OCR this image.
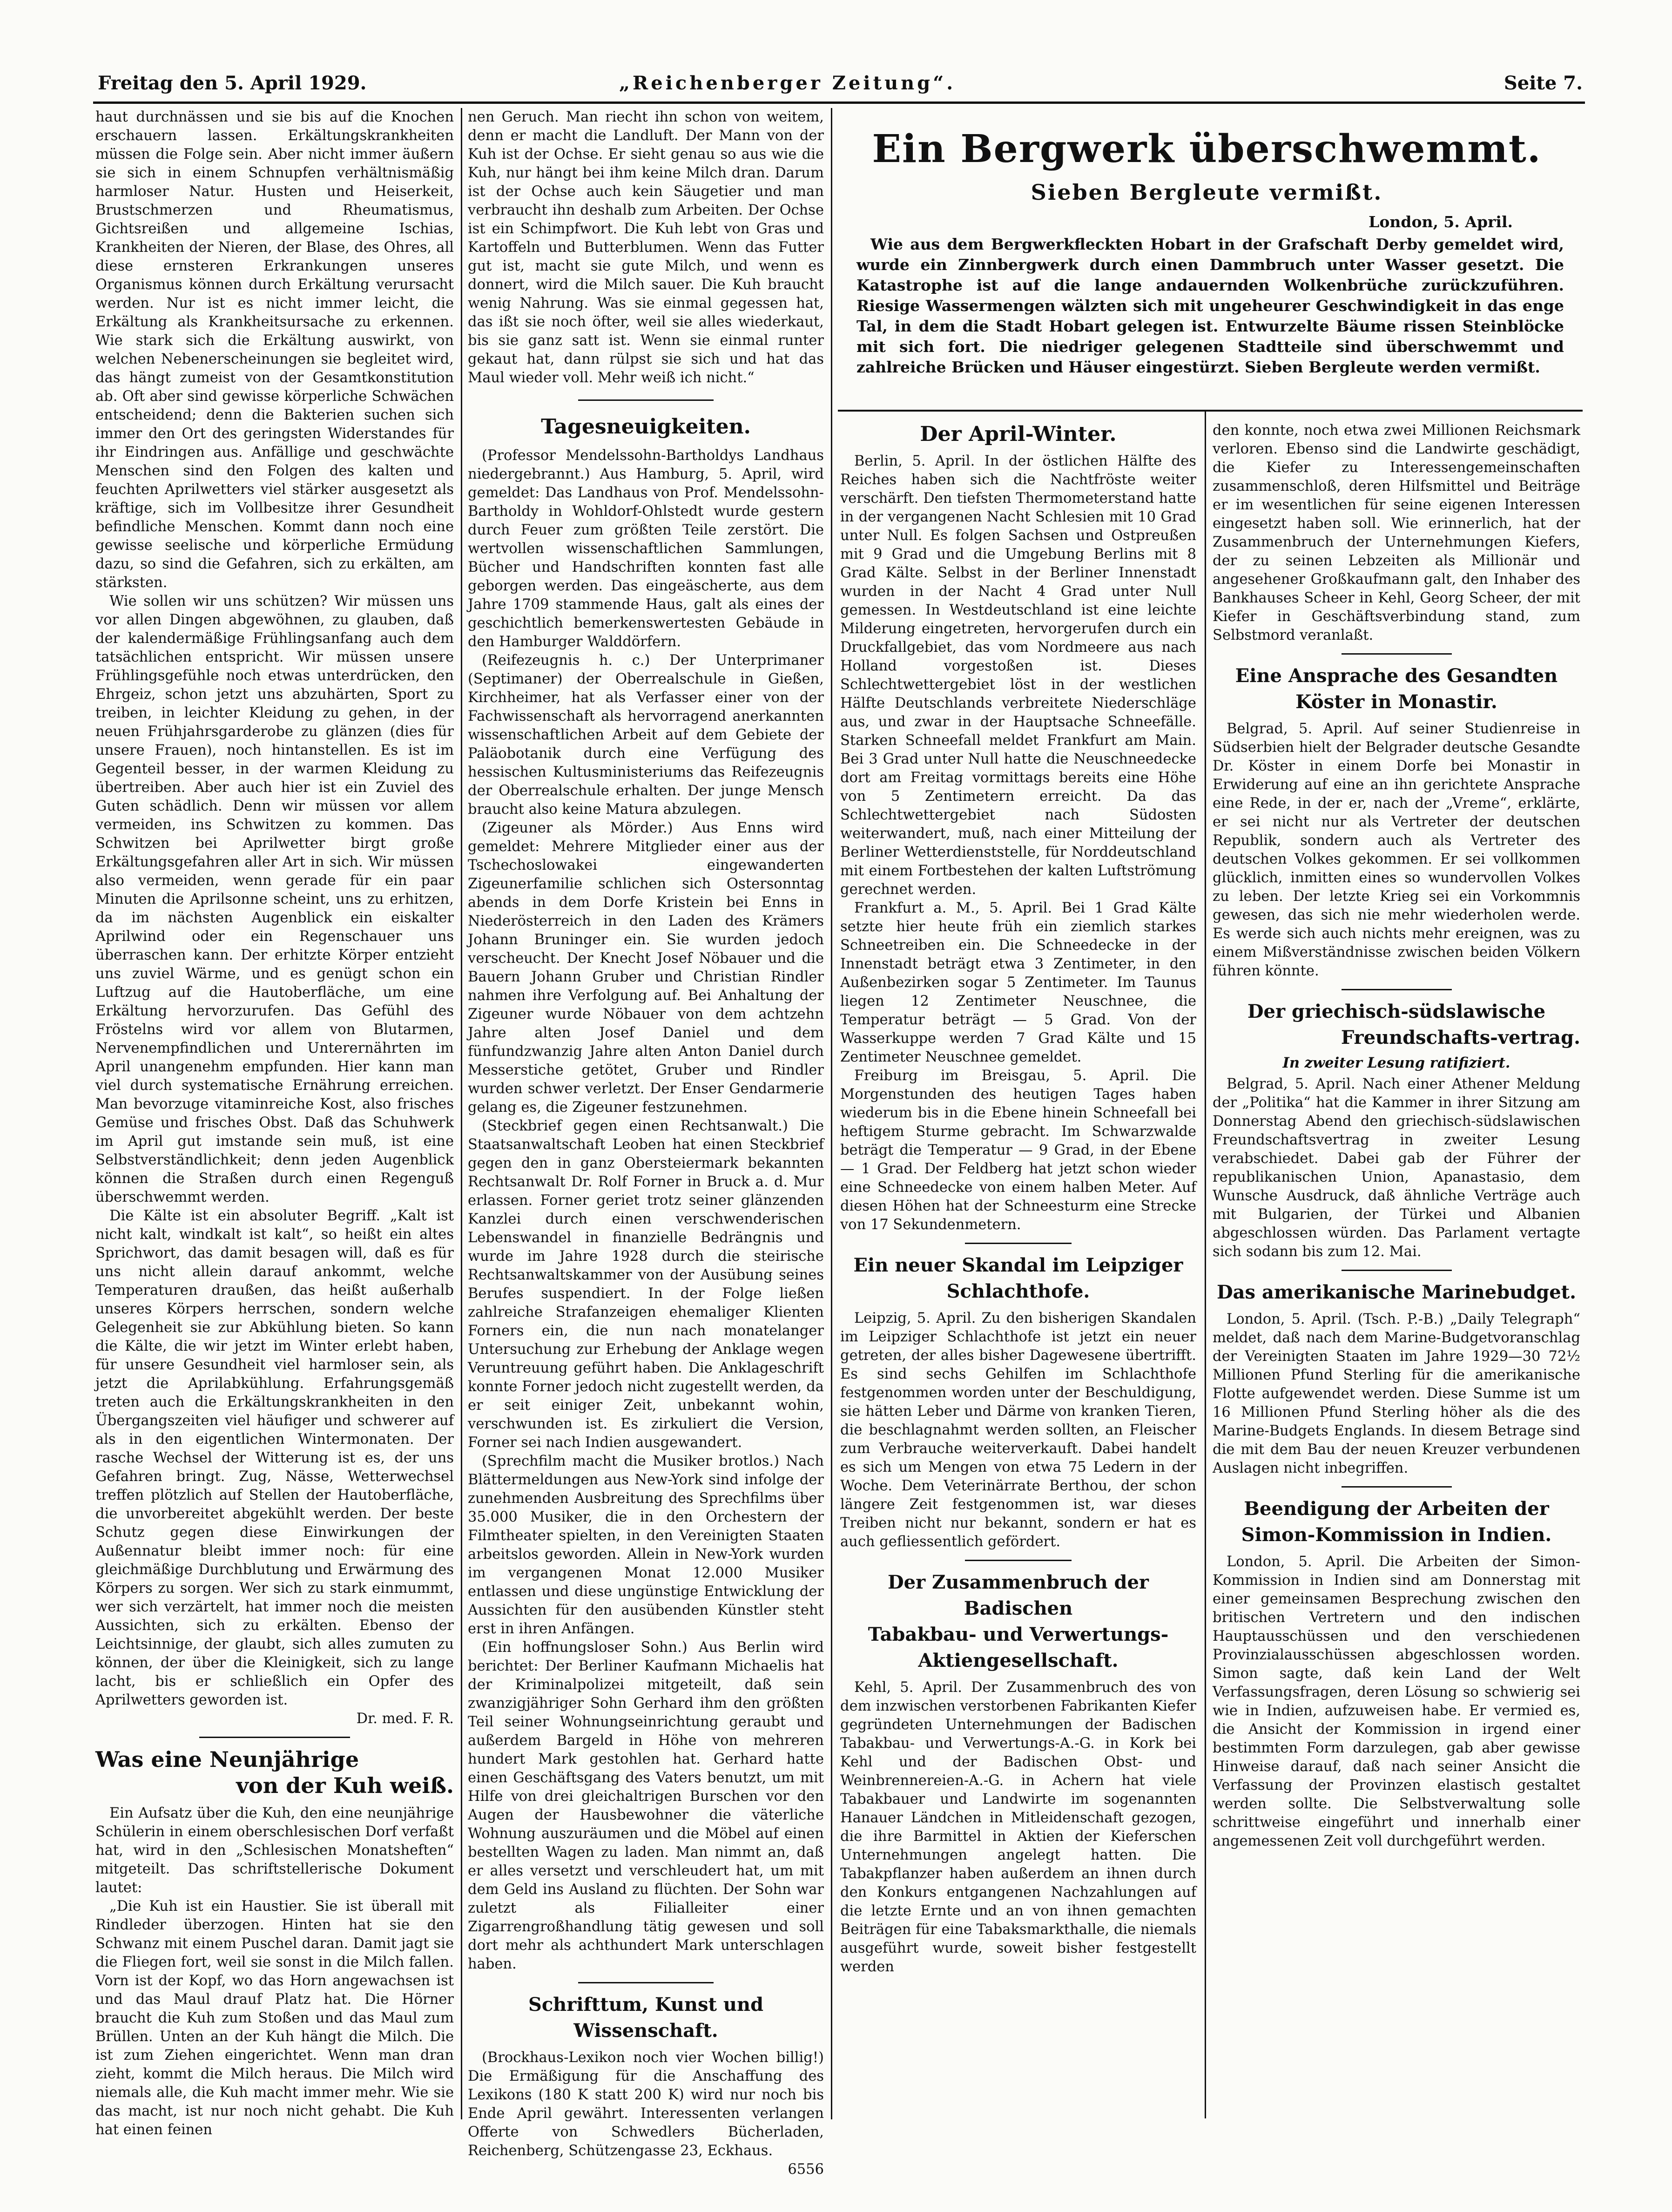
Freitag den 5. April 1929.	„Reichenberger Zeitung“.	Seite 7.

haut durchnässen und sie bis auf die Knochen erschauern lassen. Erkältungskrankheiten müssen die Folge sein. Aber nicht immer äußern sie sich in einem Schnupfen verhältnismäßig harmloser Natur. Husten und Heiserkeit, Brustschmerzen und Rheumatismus, Gichtsreißen und allgemeine Ischias, Krankheiten der Nieren, der Blase, des Ohres, all diese ernsteren Erkrankungen unseres Organismus können durch Erkältung verursacht werden. Nur ist es nicht immer leicht, die Erkältung als Krankheitsursache zu erkennen. Wie stark sich die Erkältung auswirkt, von welchen Nebenerscheinungen sie begleitet wird, das hängt zumeist von der Gesamtkonstitution ab. Oft aber sind gewisse körperliche Schwächen entscheidend; denn die Bakterien suchen sich immer den Ort des geringsten Widerstandes für ihr Eindringen aus. Anfällige und geschwächte Menschen sind den Folgen des kalten und feuchten Aprilwetters viel stärker ausgesetzt als kräftige, sich im Vollbesitze ihrer Gesundheit befindliche Menschen. Kommt dann noch eine gewisse seelische und körperliche Ermüdung dazu, so sind die Gefahren, sich zu erkälten, am stärksten.

Wie sollen wir uns schützen? Wir müssen uns vor allen Dingen abgewöhnen, zu glauben, daß der kalendermäßige Frühlingsanfang auch dem tatsächlichen entspricht. Wir müssen unsere Frühlingsgefühle noch etwas unterdrücken, den Ehrgeiz, schon jetzt uns abzuhärten, Sport zu treiben, in leichter Kleidung zu gehen, in der neuen Frühjahrsgarderobe zu glänzen (dies für unsere Frauen), noch hintanstellen. Es ist im Gegenteil besser, in der warmen Kleidung zu übertreiben. Aber auch hier ist ein Zuviel des Guten schädlich. Denn wir müssen vor allem vermeiden, ins Schwitzen zu kommen. Das Schwitzen bei Aprilwetter birgt große Erkältungsgefahren aller Art in sich. Wir müssen also vermeiden, wenn gerade für ein paar Minuten die Aprilsonne scheint, uns zu erhitzen, da im nächsten Augenblick ein eiskalter Aprilwind oder ein Regenschauer uns überraschen kann. Der erhitzte Körper entzieht uns zuviel Wärme, und es genügt schon ein Luftzug auf die Hautoberfläche, um eine Erkältung hervorzurufen. Das Gefühl des Fröstelns wird vor allem von Blutarmen, Nervenempfindlichen und Unterernährten im April unangenehm empfunden. Hier kann man viel durch systematische Ernährung erreichen. Man bevorzuge vitaminreiche Kost, also frisches Gemüse und frisches Obst. Daß das Schuhwerk im April gut imstande sein muß, ist eine Selbstverständlichkeit; denn jeden Augenblick können die Straßen durch einen Regenguß überschwemmt werden.

Die Kälte ist ein absoluter Begriff. „Kalt ist nicht kalt, windkalt ist kalt“, so heißt ein altes Sprichwort, das damit besagen will, daß es für uns nicht allein darauf ankommt, welche Temperaturen draußen, das heißt außerhalb unseres Körpers herrschen, sondern welche Gelegenheit sie zur Abkühlung bieten. So kann die Kälte, die wir jetzt im Winter erlebt haben, für unsere Gesundheit viel harmloser sein, als jetzt die Aprilabkühlung. Erfahrungsgemäß treten auch die Erkältungskrankheiten in den Übergangszeiten viel häufiger und schwerer auf als in den eigentlichen Wintermonaten. Der rasche Wechsel der Witterung ist es, der uns Gefahren bringt. Zug, Nässe, Wetterwechsel treffen plötzlich auf Stellen der Hautoberfläche, die unvorbereitet abgekühlt werden. Der beste Schutz gegen diese Einwirkungen der Außennatur bleibt immer noch: für eine gleichmäßige Durchblutung und Erwärmung des Körpers zu sorgen. Wer sich zu stark einmummt, wer sich verzärtelt, hat immer noch die meisten Aussichten, sich zu erkälten. Ebenso der Leichtsinnige, der glaubt, sich alles zumuten zu können, der über die Kleinigkeit, sich zu lange lacht, bis er schließlich ein Opfer des Aprilwetters geworden ist.

Dr. med. F. R.

Was eine Neunjährige
von der Kuh weiß.

Ein Aufsatz über die Kuh, den eine neunjährige Schülerin in einem oberschlesischen Dorf verfaßt hat, wird in den „Schlesischen Monatsheften“ mitgeteilt. Das schriftstellerische Dokument lautet:

„Die Kuh ist ein Haustier. Sie ist überall mit Rindleder überzogen. Hinten hat sie den Schwanz mit einem Puschel daran. Damit jagt sie die Fliegen fort, weil sie sonst in die Milch fallen. Vorn ist der Kopf, wo das Horn angewachsen ist und das Maul drauf Platz hat. Die Hörner braucht die Kuh zum Stoßen und das Maul zum Brüllen. Unten an der Kuh hängt die Milch. Die ist zum Ziehen eingerichtet. Wenn man dran zieht, kommt die Milch heraus. Die Milch wird niemals alle, die Kuh macht immer mehr. Wie sie das macht, ist nur noch nicht gehabt. Die Kuh hat einen feinen

nen Geruch. Man riecht ihn schon von weitem, denn er macht die Landluft. Der Mann von der Kuh ist der Ochse. Er sieht genau so aus wie die Kuh, nur hängt bei ihm keine Milch dran. Darum ist der Ochse auch kein Säugetier und man verbraucht ihn deshalb zum Arbeiten. Der Ochse ist ein Schimpfwort. Die Kuh lebt von Gras und Kartoffeln und Butterblumen. Wenn das Futter gut ist, macht sie gute Milch, und wenn es donnert, wird die Milch sauer. Die Kuh braucht wenig Nahrung. Was sie einmal gegessen hat, das ißt sie noch öfter, weil sie alles wiederkaut, bis sie ganz satt ist. Wenn sie einmal runter gekaut hat, dann rülpst sie sich und hat das Maul wieder voll. Mehr weiß ich nicht.“

Tagesneuigkeiten.

(Professor Mendelssohn-Bartholdys Landhaus niedergebrannt.) Aus Hamburg, 5. April, wird gemeldet: Das Landhaus von Prof. Mendelssohn-Bartholdy in Wohldorf-Ohlstedt wurde gestern durch Feuer zum größten Teile zerstört. Die wertvollen wissenschaftlichen Sammlungen, Bücher und Handschriften konnten fast alle geborgen werden. Das eingeäscherte, aus dem Jahre 1709 stammende Haus, galt als eines der geschichtlich bemerkenswertesten Gebäude in den Hamburger Walddörfern.

(Reifezeugnis h. c.) Der Unterprimaner (Septimaner) der Oberrealschule in Gießen, Kirchheimer, hat als Verfasser einer von der Fachwissenschaft als hervorragend anerkannten wissenschaftlichen Arbeit auf dem Gebiete der Paläobotanik durch eine Verfügung des hessischen Kultusministeriums das Reifezeugnis der Oberrealschule erhalten. Der junge Mensch braucht also keine Matura abzulegen.

(Zigeuner als Mörder.) Aus Enns wird gemeldet: Mehrere Mitglieder einer aus der Tschechoslowakei eingewanderten Zigeunerfamilie schlichen sich Ostersonntag abends in dem Dorfe Kristein bei Enns in Niederösterreich in den Laden des Krämers Johann Bruninger ein. Sie wurden jedoch verscheucht. Der Knecht Josef Nöbauer und die Bauern Johann Gruber und Christian Rindler nahmen ihre Verfolgung auf. Bei Anhaltung der Zigeuner wurde Nöbauer von dem achtzehn Jahre alten Josef Daniel und dem fünfundzwanzig Jahre alten Anton Daniel durch Messerstiche getötet, Gruber und Rindler wurden schwer verletzt. Der Enser Gendarmerie gelang es, die Zigeuner festzunehmen.

(Steckbrief gegen einen Rechtsanwalt.) Die Staatsanwaltschaft Leoben hat einen Steckbrief gegen den in ganz Obersteiermark bekannten Rechtsanwalt Dr. Rolf Forner in Bruck a. d. Mur erlassen. Forner geriet trotz seiner glänzenden Kanzlei durch einen verschwenderischen Lebenswandel in finanzielle Bedrängnis und wurde im Jahre 1928 durch die steirische Rechtsanwaltskammer von der Ausübung seines Berufes suspendiert. In der Folge ließen zahlreiche Strafanzeigen ehemaliger Klienten Forners ein, die nun nach monatelanger Untersuchung zur Erhebung der Anklage wegen Veruntreuung geführt haben. Die Anklageschrift konnte Forner jedoch nicht zugestellt werden, da er seit einiger Zeit, unbekannt wohin, verschwunden ist. Es zirkuliert die Version, Forner sei nach Indien ausgewandert.

(Sprechfilm macht die Musiker brotlos.) Nach Blättermeldungen aus New-York sind infolge der zunehmenden Ausbreitung des Sprechfilms über 35.000 Musiker, die in den Orchestern der Filmtheater spielten, in den Vereinigten Staaten arbeitslos geworden. Allein in New-York wurden im vergangenen Monat 12.000 Musiker entlassen und diese ungünstige Entwicklung der Aussichten für den ausübenden Künstler steht erst in ihren Anfängen.

(Ein hoffnungsloser Sohn.) Aus Berlin wird berichtet: Der Berliner Kaufmann Michaelis hat der Kriminalpolizei mitgeteilt, daß sein zwanzigjähriger Sohn Gerhard ihm den größten Teil seiner Wohnungseinrichtung geraubt und außerdem Bargeld in Höhe von mehreren hundert Mark gestohlen hat. Gerhard hatte einen Geschäftsgang des Vaters benutzt, um mit Hilfe von drei gleichaltrigen Burschen vor den Augen der Hausbewohner die väterliche Wohnung auszuräumen und die Möbel auf einen bestellten Wagen zu laden. Man nimmt an, daß er alles versetzt und verschleudert hat, um mit dem Geld ins Ausland zu flüchten. Der Sohn war zuletzt als Filialleiter einer Zigarrengroßhandlung tätig gewesen und soll dort mehr als achthundert Mark unterschlagen haben.

Schrifttum, Kunst und Wissenschaft.

(Brockhaus-Lexikon noch vier Wochen billig!) Die Ermäßigung für die Anschaffung des Lexikons (180 K statt 200 K) wird nur noch bis Ende April gewährt. Interessenten verlangen Offerte von Schwedlers Bücherladen, Reichenberg, Schützengasse 23, Eckhaus.

6556

Ein Bergwerk überschwemmt.
Sieben Bergleute vermißt.
London, 5. April.

Wie aus dem Bergwerkfleckten Hobart in der Grafschaft Derby gemeldet wird, wurde ein Zinnbergwerk durch einen Dammbruch unter Wasser gesetzt. Die Katastrophe ist auf die lange andauernden Wolkenbrüche zurückzuführen. Riesige Wassermengen wälzten sich mit ungeheurer Geschwindigkeit in das enge Tal, in dem die Stadt Hobart gelegen ist. Entwurzelte Bäume rissen Steinblöcke mit sich fort. Die niedriger gelegenen Stadtteile sind überschwemmt und zahlreiche Brücken und Häuser eingestürzt. Sieben Bergleute werden vermißt.

Der April-Winter.

Berlin, 5. April. In der östlichen Hälfte des Reiches haben sich die Nachtfröste weiter verschärft. Den tiefsten Thermometerstand hatte in der vergangenen Nacht Schlesien mit 10 Grad unter Null. Es folgen Sachsen und Ostpreußen mit 9 Grad und die Umgebung Berlins mit 8 Grad Kälte. Selbst in der Berliner Innenstadt wurden in der Nacht 4 Grad unter Null gemessen. In Westdeutschland ist eine leichte Milderung eingetreten, hervorgerufen durch ein Druckfallgebiet, das vom Nordmeere aus nach Holland vorgestoßen ist. Dieses Schlechtwettergebiet löst in der westlichen Hälfte Deutschlands verbreitete Niederschläge aus, und zwar in der Hauptsache Schneefälle. Starken Schneefall meldet Frankfurt am Main. Bei 3 Grad unter Null hatte die Neuschneedecke dort am Freitag vormittags bereits eine Höhe von 5 Zentimetern erreicht. Da das Schlechtwettergebiet nach Südosten weiterwandert, muß, nach einer Mitteilung der Berliner Wetterdienststelle, für Norddeutschland mit einem Fortbestehen der kalten Luftströmung gerechnet werden.

Frankfurt a. M., 5. April. Bei 1 Grad Kälte setzte hier heute früh ein ziemlich starkes Schneetreiben ein. Die Schneedecke in der Innenstadt beträgt etwa 3 Zentimeter, in den Außenbezirken sogar 5 Zentimeter. Im Taunus liegen 12 Zentimeter Neuschnee, die Temperatur beträgt — 5 Grad. Von der Wasserkuppe werden 7 Grad Kälte und 15 Zentimeter Neuschnee gemeldet.

Freiburg im Breisgau, 5. April. Die Morgenstunden des heutigen Tages haben wiederum bis in die Ebene hinein Schneefall bei heftigem Sturme gebracht. Im Schwarzwalde beträgt die Temperatur — 9 Grad, in der Ebene — 1 Grad. Der Feldberg hat jetzt schon wieder eine Schneedecke von einem halben Meter. Auf diesen Höhen hat der Schneesturm eine Strecke von 17 Sekundenmetern.

Ein neuer Skandal im Leipziger
Schlachthofe.

Leipzig, 5. April. Zu den bisherigen Skandalen im Leipziger Schlachthofe ist jetzt ein neuer getreten, der alles bisher Dagewesene übertrifft. Es sind sechs Gehilfen im Schlachthofe festgenommen worden unter der Beschuldigung, sie hätten Leber und Därme von kranken Tieren, die beschlagnahmt werden sollten, an Fleischer zum Verbrauche weiterverkauft. Dabei handelt es sich um Mengen von etwa 75 Ledern in der Woche. Dem Veterinärrate Berthou, der schon längere Zeit festgenommen ist, war dieses Treiben nicht nur bekannt, sondern er hat es auch gefliessentlich gefördert.

Der Zusammenbruch der Badischen
Tabakbau- und Verwertungs-
Aktiengesellschaft.

Kehl, 5. April. Der Zusammenbruch des von dem inzwischen verstorbenen Fabrikanten Kiefer gegründeten Unternehmungen der Badischen Tabakbau- und Verwertungs-A.-G. in Kork bei Kehl und der Badischen Obst- und Weinbrennereien-A.-G. in Achern hat viele Tabakbauer und Landwirte im sogenannten Hanauer Ländchen in Mitleidenschaft gezogen, die ihre Barmittel in Aktien der Kieferschen Unternehmungen angelegt hatten. Die Tabakpflanzer haben außerdem an ihnen durch den Konkurs entgangenen Nachzahlungen auf die letzte Ernte und an von ihnen gemachten Beiträgen für eine Tabaksmarkthalle, die niemals ausgeführt wurde, soweit bisher festgestellt werden

den konnte, noch etwa zwei Millionen Reichsmark verloren. Ebenso sind die Landwirte geschädigt, die Kiefer zu Interessengemeinschaften zusammenschloß, deren Hilfsmittel und Beiträge er im wesentlichen für seine eigenen Interessen eingesetzt haben soll. Wie erinnerlich, hat der Zusammenbruch der Unternehmungen Kiefers, der zu seinen Lebzeiten als Millionär und angesehener Großkaufmann galt, den Inhaber des Bankhauses Scheer in Kehl, Georg Scheer, der mit Kiefer in Geschäftsverbindung stand, zum Selbstmord veranlaßt.

Eine Ansprache des Gesandten
Köster in Monastir.

Belgrad, 5. April. Auf seiner Studienreise in Südserbien hielt der Belgrader deutsche Gesandte Dr. Köster in einem Dorfe bei Monastir in Erwiderung auf eine an ihn gerichtete Ansprache eine Rede, in der er, nach der „Vreme“, erklärte, er sei nicht nur als Vertreter der deutschen Republik, sondern auch als Vertreter des deutschen Volkes gekommen. Er sei vollkommen glücklich, inmitten eines so wundervollen Volkes zu leben. Der letzte Krieg sei ein Vorkommnis gewesen, das sich nie mehr wiederholen werde. Es werde sich auch nichts mehr ereignen, was zu einem Mißverständnisse zwischen beiden Völkern führen könnte.

Der griechisch-südslawische
Freundschafts-vertrag.

In zweiter Lesung ratifiziert.

Belgrad, 5. April. Nach einer Athener Meldung der „Politika“ hat die Kammer in ihrer Sitzung am Donnerstag Abend den griechisch-südslawischen Freundschaftsvertrag in zweiter Lesung verabschiedet. Dabei gab der Führer der republikanischen Union, Apanastasio, dem Wunsche Ausdruck, daß ähnliche Verträge auch mit Bulgarien, der Türkei und Albanien abgeschlossen würden. Das Parlament vertagte sich sodann bis zum 12. Mai.

Das amerikanische Marinebudget.

London, 5. April. (Tsch. P.-B.) „Daily Telegraph“ meldet, daß nach dem Marine-Budgetvoranschlag der Vereinigten Staaten im Jahre 1929—30 72½ Millionen Pfund Sterling für die amerikanische Flotte aufgewendet werden. Diese Summe ist um 16 Millionen Pfund Sterling höher als die des Marine-Budgets Englands. In diesem Betrage sind die mit dem Bau der neuen Kreuzer verbundenen Auslagen nicht inbegriffen.

Beendigung der Arbeiten der
Simon-Kommission in Indien.

London, 5. April. Die Arbeiten der Simon-Kommission in Indien sind am Donnerstag mit einer gemeinsamen Besprechung zwischen den britischen Vertretern und den indischen Hauptausschüssen und den verschiedenen Provinzialausschüssen abgeschlossen worden. Simon sagte, daß kein Land der Welt Verfassungsfragen, deren Lösung so schwierig sei wie in Indien, aufzuweisen habe. Er vermied es, die Ansicht der Kommission in irgend einer bestimmten Form darzulegen, gab aber gewisse Hinweise darauf, daß nach seiner Ansicht die Verfassung der Provinzen elastisch gestaltet werden sollte. Die Selbstverwaltung solle schrittweise eingeführt und innerhalb einer angemessenen Zeit voll durchgeführt werden.
